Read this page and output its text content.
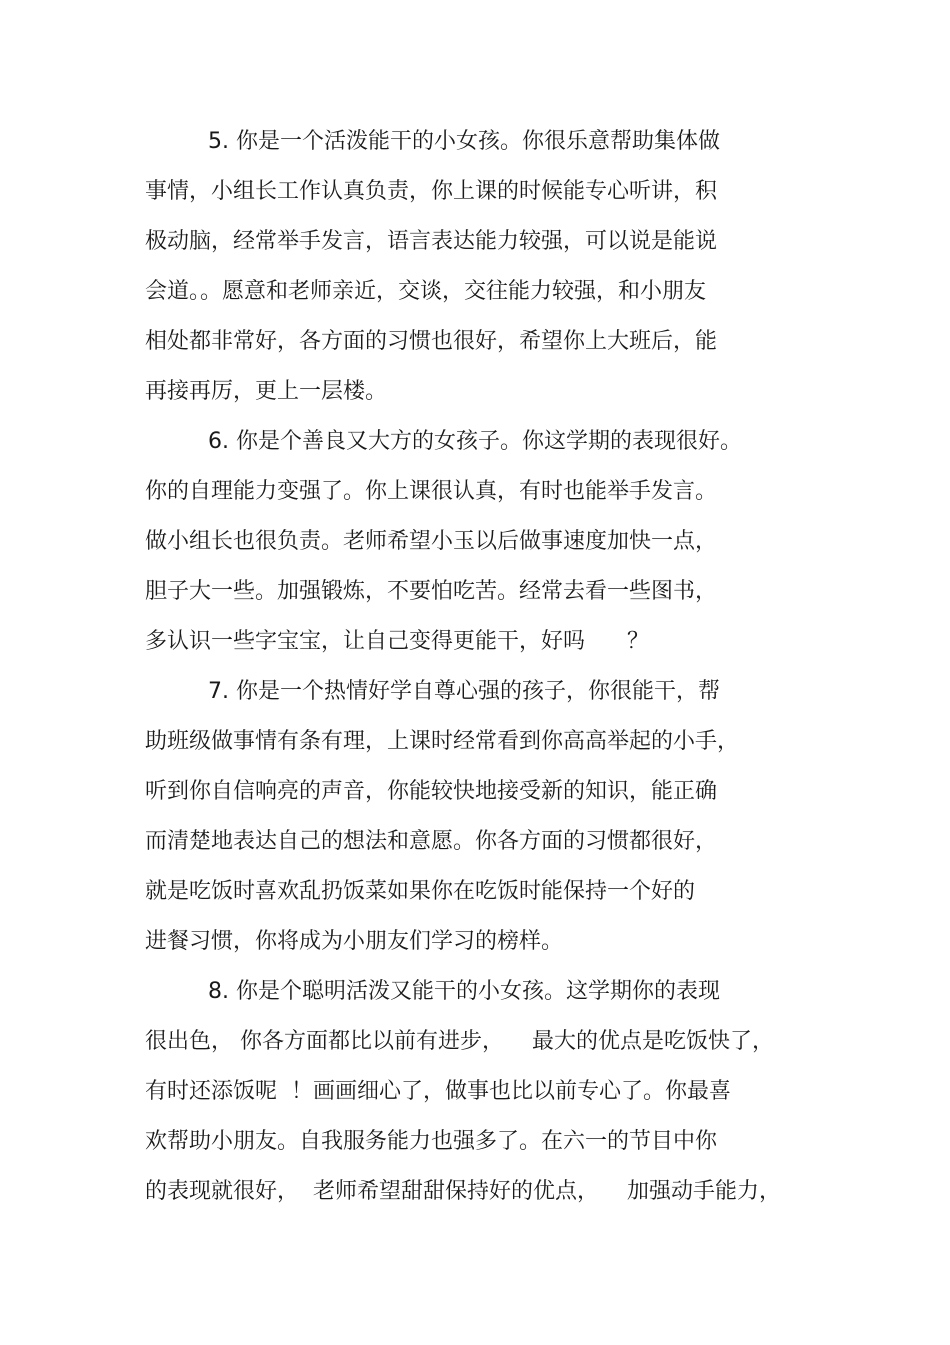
5. 你是一个活泼能干的小女孩。你很乐意帮助集体做
事情，小组长工作认真负责，你上课的时候能专心听讲，积
极动脑，经常举手发言，语言表达能力较强，可以说是能说
会道。。愿意和老师亲近，交谈，交往能力较强，和小朋友
相处都非常好，各方面的习惯也很好，希望你上大班后，能
再接再厉，更上一层楼。
6. 你是个善良又大方的女孩子。你这学期的表现很好。
你的自理能力变强了。你上课很认真，有时也能举手发言。
做小组长也很负责。老师希望小玉以后做事速度加快一点，
胆子大一些。加强锻炼，不要怕吃苦。经常去看一些图书，
多认识一些字宝宝，让自己变得更能干，好吗      ？
7. 你是一个热情好学自尊心强的孩子，你很能干，帮
助班级做事情有条有理，上课时经常看到你高高举起的小手，
听到你自信响亮的声音，你能较快地接受新的知识，能正确
而清楚地表达自己的想法和意愿。你各方面的习惯都很好，
就是吃饭时喜欢乱扔饭菜如果你在吃饭时能保持一个好的
进餐习惯，你将成为小朋友们学习的榜样。
8. 你是个聪明活泼又能干的小女孩。这学期你的表现
很出色， 你各方面都比以前有进步，    最大的优点是吃饭快了，
有时还添饭呢  ！画画细心了，做事也比以前专心了。你最喜
欢帮助小朋友。自我服务能力也强多了。在六一的节目中你
的表现就很好，  老师希望甜甜保持好的优点，    加强动手能力，
